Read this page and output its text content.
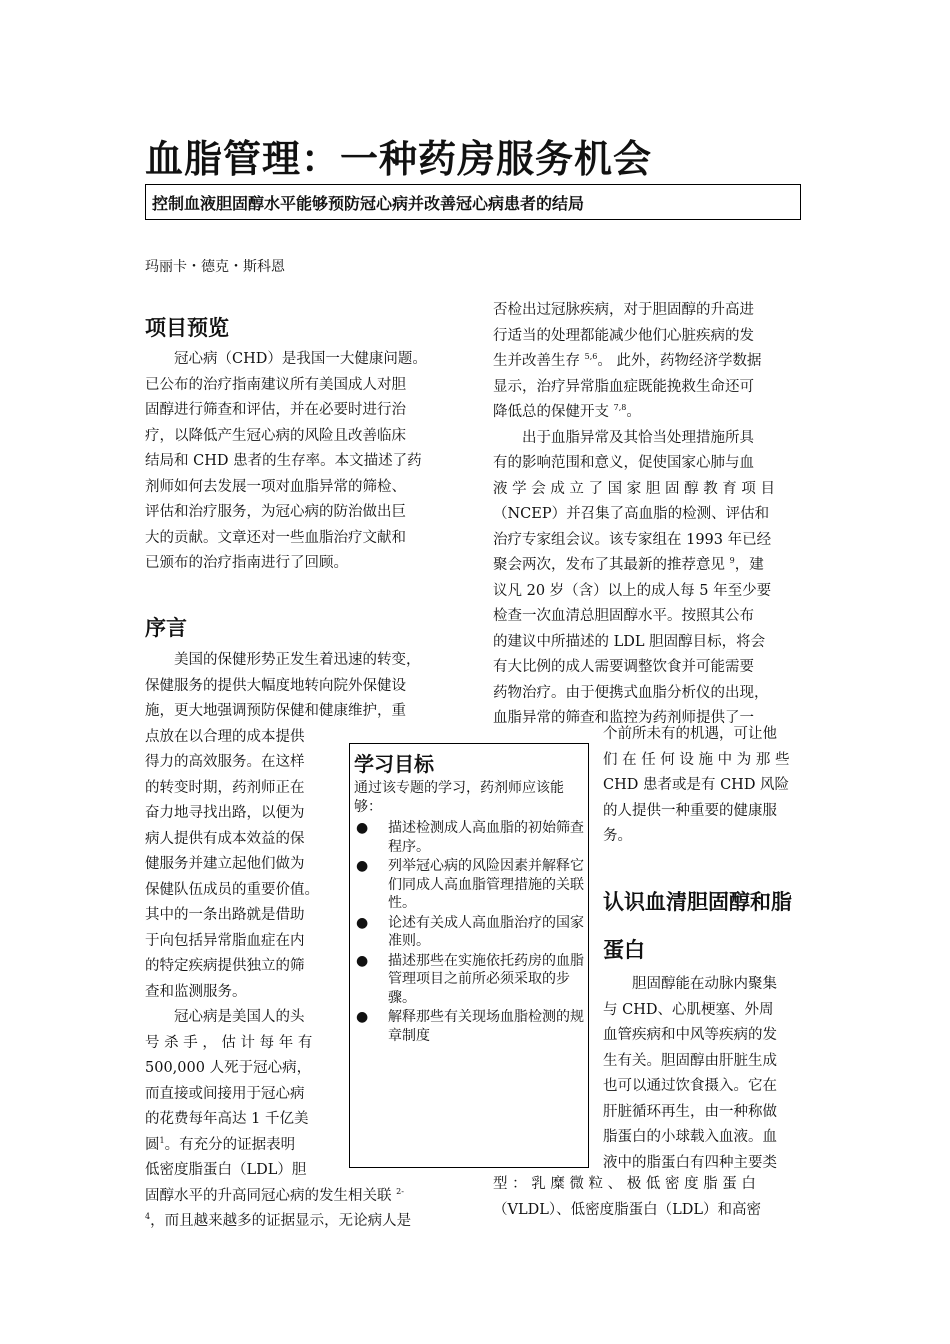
血脂管理：一种药房服务机会
控制血液胆固醇水平能够预防冠心病并改善冠心病患者的结局
玛丽卡・德克・斯科恩
项目预览
冠心病（CHD）是我国一大健康问题。
已公布的治疗指南建议所有美国成人对胆
固醇进行筛查和评估，并在必要时进行治
疗，以降低产生冠心病的风险且改善临床
结局和 CHD 患者的生存率。本文描述了药
剂师如何去发展一项对血脂异常的筛检、
评估和治疗服务，为冠心病的防治做出巨
大的贡献。文章还对一些血脂治疗文献和
已颁布的治疗指南进行了回顾。
序言
美国的保健形势正发生着迅速的转变，
保健服务的提供大幅度地转向院外保健设
施，更大地强调预防保健和健康维护，重
点放在以合理的成本提供
得力的高效服务。在这样
的转变时期，药剂师正在
奋力地寻找出路，以便为
病人提供有成本效益的保
健服务并建立起他们做为
保健队伍成员的重要价值。
其中的一条出路就是借助
于向包括异常脂血症在内
的特定疾病提供独立的筛
查和监测服务。
冠心病是美国人的头
号 杀 手 ， 估 计 每 年 有
500,000 人死于冠心病，
而直接或间接用于冠心病
的花费每年高达 1 千亿美
圆$^1$。有充分的证据表明
低密度脂蛋白（LDL）胆
固醇水平的升高同冠心病的发生相关联 $^{2-}$
$^4$，而且越来越多的证据显示，无论病人是
否检出过冠脉疾病，对于胆固醇的升高进
行适当的处理都能减少他们心脏疾病的发
生并改善生存 $^{5,6}$。 此外，药物经济学数据
显示，治疗异常脂血症既能挽救生命还可
降低总的保健开支 $^{7,8}$。
出于血脂异常及其恰当处理措施所具
有的影响范围和意义，促使国家心肺与血
液 学 会 成 立 了 国 家 胆 固 醇 教 育 项 目
（NCEP）并召集了高血脂的检测、评估和
治疗专家组会议。该专家组在 1993 年已经
聚会两次，发布了其最新的推荐意见 $^9$，建
议凡 20 岁（含）以上的成人每 5 年至少要
检查一次血清总胆固醇水平。按照其公布
的建议中所描述的 LDL 胆固醇目标，将会
有大比例的成人需要调整饮食并可能需要
药物治疗。由于便携式血脂分析仪的出现，
血脂异常的筛查和监控为药剂师提供了一
个前所未有的机遇，可让他
们 在 任 何 设 施 中 为 那 些
CHD 患者或是有 CHD 风险
的人提供一种重要的健康服
务。
认识血清胆固醇和脂
蛋白
胆固醇能在动脉内聚集
与 CHD、心肌梗塞、外周
血管疾病和中风等疾病的发
生有关。胆固醇由肝脏生成
也可以通过饮食摄入。它在
肝脏循环再生，由一种称做
脂蛋白的小球载入血液。血
液中的脂蛋白有四种主要类
型 ： 乳 糜 微 粒 、 极 低 密 度 脂 蛋 白
（VLDL）、低密度脂蛋白（LDL）和高密
学习目标

通过该专题的学习，药剂师应该能够：

● 描述检测成人高血脂的初始筛查程序。
● 列举冠心病的风险因素并解释它们同成人高血脂管理措施的关联性。
● 论述有关成人高血脂治疗的国家准则。
● 描述那些在实施依托药房的血脂管理项目之前所必须采取的步骤。
● 解释那些有关现场血脂检测的规章制度
